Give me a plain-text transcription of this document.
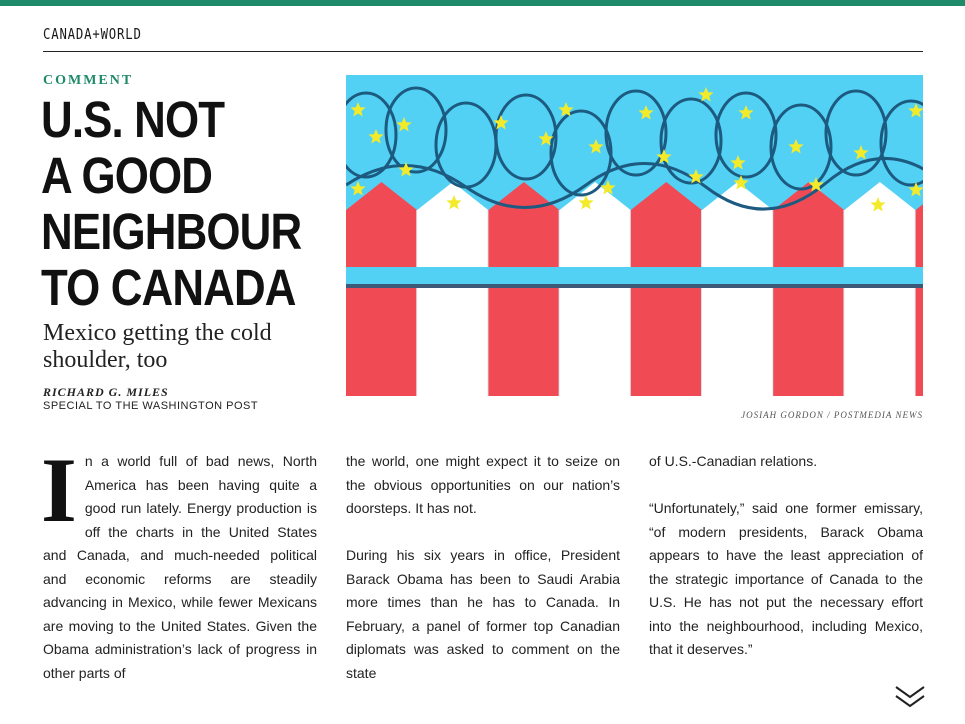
CANADA+WORLD
COMMENT
U.S. NOT
A GOOD
NEIGHBOUR
TO CANADA
Mexico getting the cold shoulder, too
RICHARD G. MILES
SPECIAL TO THE WASHINGTON POST
JOSIAH GORDON / POSTMEDIA NEWS

In a world full of bad news, North America has been having quite a good run lately. Energy production is off the charts in the United States and Canada, and much-needed political and economic reforms are steadily advancing in Mexico, while fewer Mexicans are moving to the United States. Given the Obama administration’s lack of progress in other parts of

the world, one might expect it to seize on the obvious opportunities on our nation’s doorsteps. It has not.

During his six years in office, President Barack Obama has been to Saudi Arabia more times than he has to Canada. In February, a panel of former top Canadian diplomats was asked to comment on the state

of U.S.-Canadian relations.

“Unfortunately,” said one former emissary, “of modern presidents, Barack Obama appears to have the least appreciation of the strategic importance of Canada to the U.S. He has not put the necessary effort into the neighbourhood, including Mexico, that it deserves.”
